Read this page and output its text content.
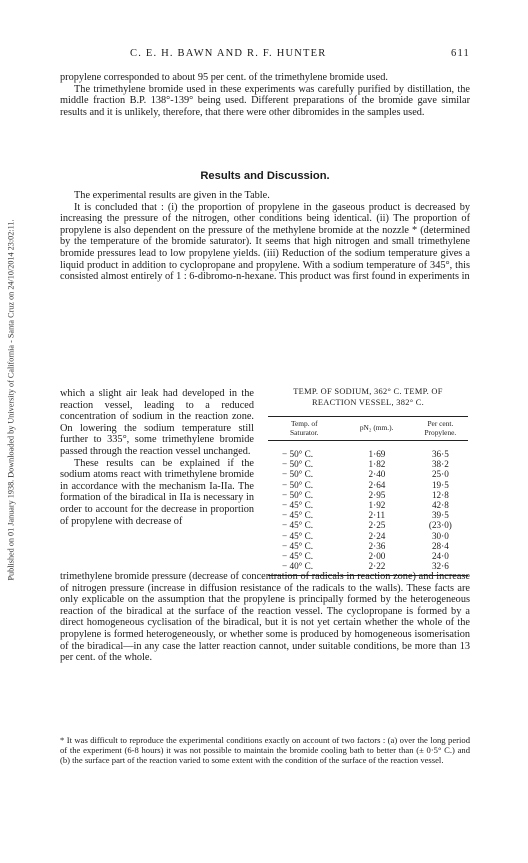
Published on 01 January 1938. Downloaded by University of California - Santa Cruz on 24/10/2014 23:02:11.
C. E. H. BAWN AND R. F. HUNTER	611

propylene corresponded to about 95 per cent. of the trimethylene bromide used.

The trimethylene bromide used in these experiments was carefully purified by distillation, the middle fraction B.P. 138°-139° being used. Different preparations of the bromide gave similar results and it is unlikely, therefore, that there were other dibromides in the samples used.

Results and Discussion.

The experimental results are given in the Table.

It is concluded that : (i) the proportion of propylene in the gaseous product is decreased by increasing the pressure of the nitrogen, other conditions being identical. (ii) The proportion of propylene is also dependent on the pressure of the methylene bromide at the nozzle * (determined by the temperature of the bromide saturator). It seems that high nitrogen and small trimethylene bromide pressures lead to low propylene yields. (iii) Reduction of the sodium temperature gives a liquid product in addition to cyclopropane and propylene. With a sodium temperature of 345°, this consisted almost entirely of 1 : 6-dibromo-n-hexane. This product was first found in experiments in

which a slight air leak had developed in the reaction vessel, leading to a reduced concentration of sodium in the reaction zone. On lowering the sodium temperature still further to 335°, some trimethylene bromide passed through the reaction vessel unchanged.

These results can be explained if the sodium atoms react with trimethylene bromide in accordance with the mechanism Ia-IIa. The formation of the biradical in IIa is necessary in order to account for the decrease in proportion of propylene with decrease of

TEMP. OF SODIUM, 362° C. TEMP. OF
REACTION VESSEL, 382° C.
Temp. of
Saturator.	pN₂ (mm.).	Per cent.
Propylene.
− 50° C.	1·69	36·5
− 50° C.	1·82	38·2
− 50° C.	2·40	25·0
− 50° C.	2·64	19·5
− 50° C.	2·95	12·8
− 45° C.	1·92	42·8
− 45° C.	2·11	39·5
− 45° C.	2·25	(23·0)
− 45° C.	2·24	30·0
− 45° C.	2·36	28·4
− 45° C.	2·00	24·0
− 40° C.	2·22	32·6

trimethylene bromide pressure (decrease of concentration of radicals in reaction zone) and increase of nitrogen pressure (increase in diffusion resistance of the radicals to the walls). These facts are only explicable on the assumption that the propylene is principally formed by the heterogeneous reaction of the biradical at the surface of the reaction vessel. The cyclopropane is formed by a direct homogeneous cyclisation of the biradical, but it is not yet certain whether the whole of the propylene is formed heterogeneously, or whether some is produced by homogeneous isomerisation of the biradical—in any case the latter reaction cannot, under suitable conditions, be more than 13 per cent. of the whole.

* It was difficult to reproduce the experimental conditions exactly on account of two factors : (a) over the long period of the experiment (6-8 hours) it was not possible to maintain the bromide cooling bath to better than (± 0·5° C.) and (b) the surface part of the reaction varied to some extent with the condition of the surface of the reaction vessel.
